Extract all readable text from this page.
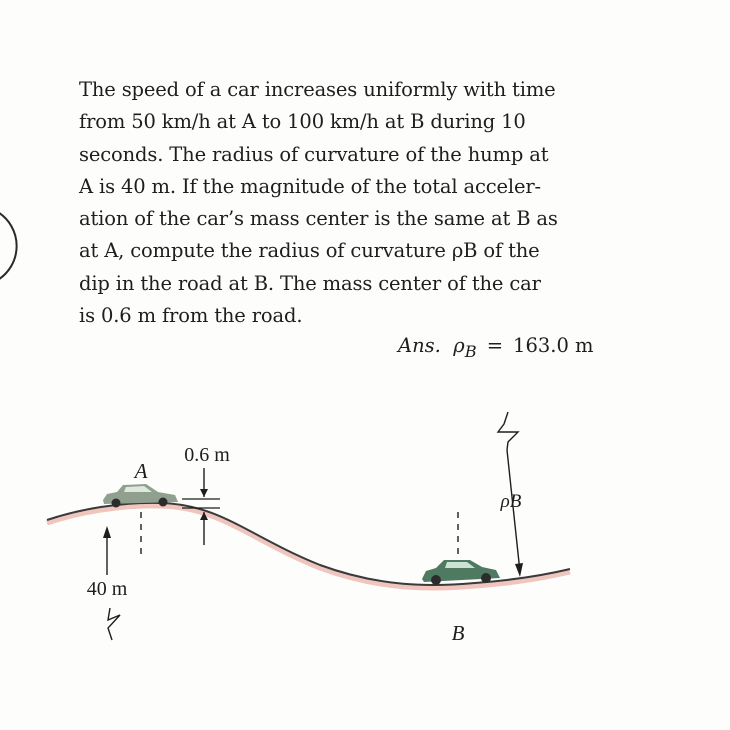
The speed of a car increases uniformly with time
from 50 km/h at A to 100 km/h at B during 10
seconds. The radius of curvature of the hump at
A is 40 m. If the magnitude of the total acceler-
ation of the car’s mass center is the same at B as
at A, compute the radius of curvature ρB of the
dip in the road at B. The mass center of the car
is 0.6 m from the road.
Ans. $\rho_B = 163.0$ m
A
40 m
0.6 m
B
ρB
